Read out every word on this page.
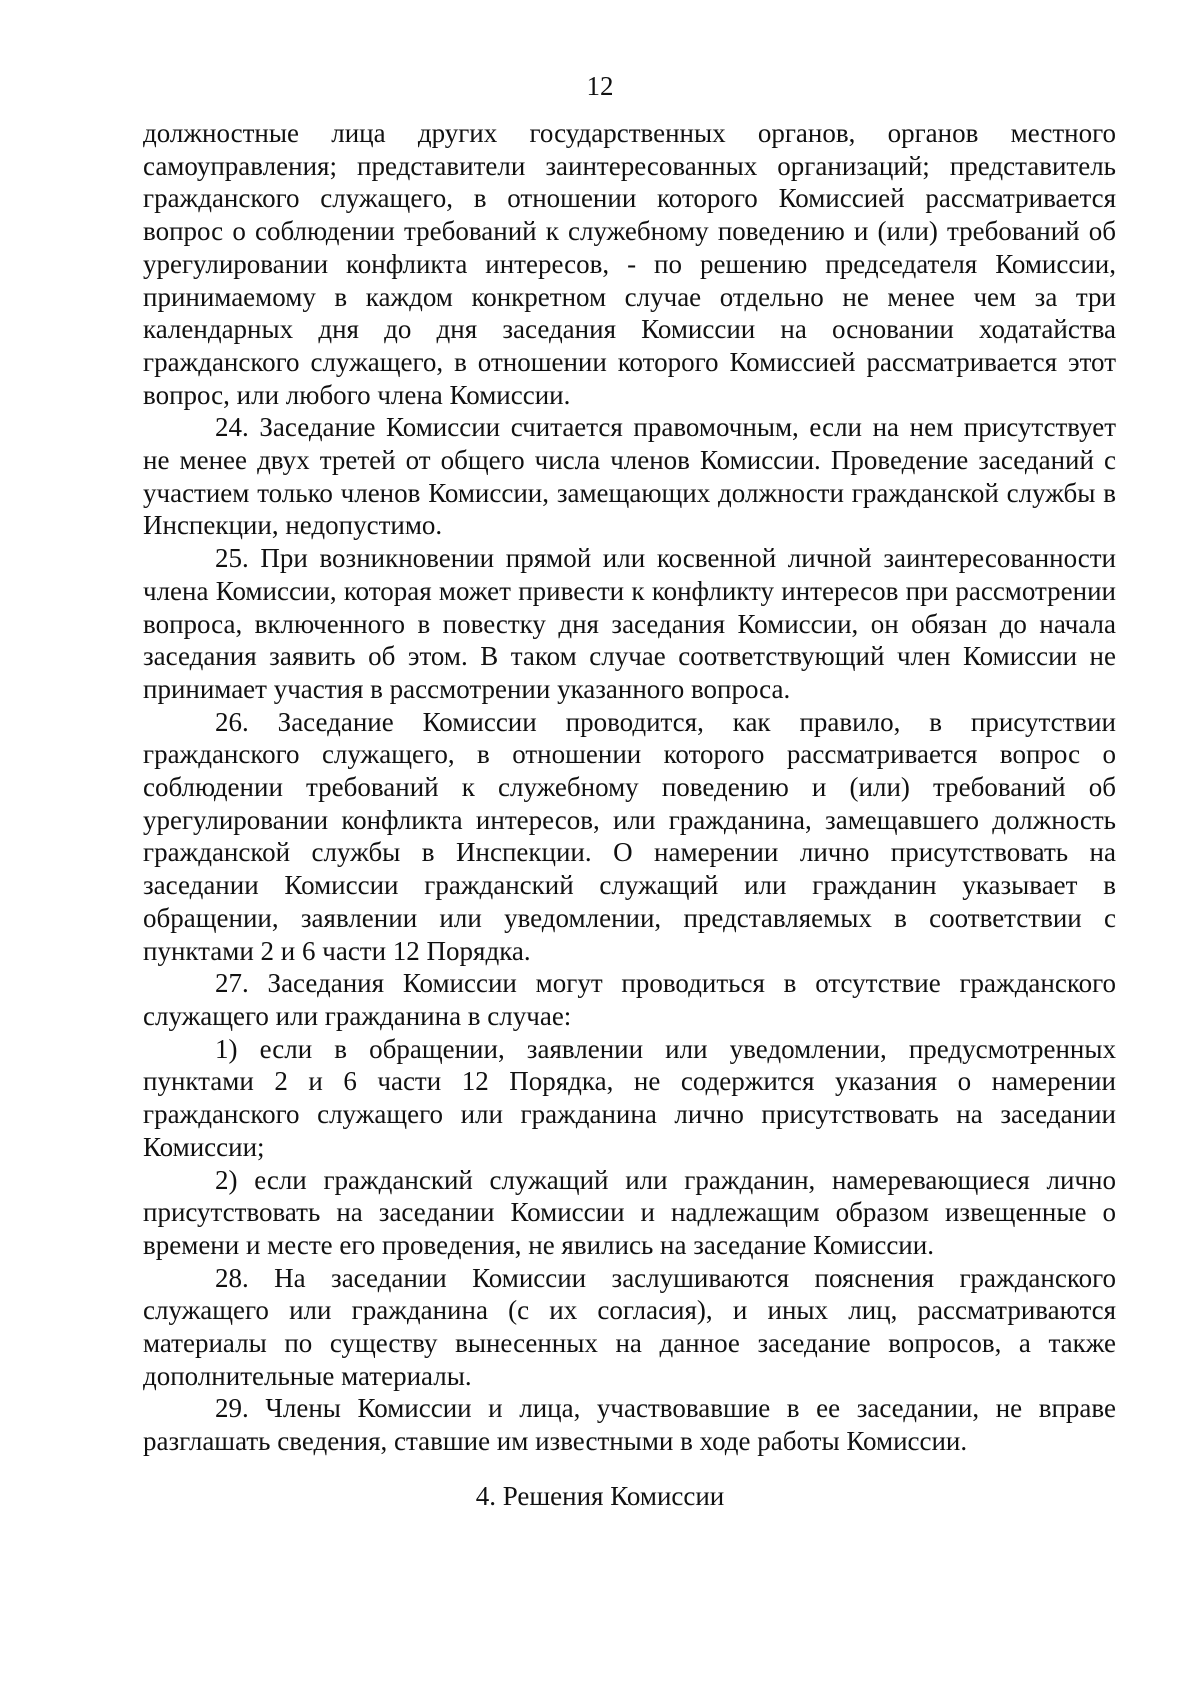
12

должностные лица других государственных органов, органов местного самоуправления; представители заинтересованных организаций; представитель гражданского служащего, в отношении которого Комиссией рассматривается вопрос о соблюдении требований к служебному поведению и (или) требований об урегулировании конфликта интересов, - по решению председателя Комиссии, принимаемому в каждом конкретном случае отдельно не менее чем за три календарных дня до дня заседания Комиссии на основании ходатайства гражданского служащего, в отношении которого Комиссией рассматривается этот вопрос, или любого члена Комиссии.

24. Заседание Комиссии считается правомочным, если на нем присутствует не менее двух третей от общего числа членов Комиссии. Проведение заседаний с участием только членов Комиссии, замещающих должности гражданской службы в Инспекции, недопустимо.

25. При возникновении прямой или косвенной личной заинтересованности члена Комиссии, которая может привести к конфликту интересов при рассмотрении вопроса, включенного в повестку дня заседания Комиссии, он обязан до начала заседания заявить об этом. В таком случае соответствующий член Комиссии не принимает участия в рассмотрении указанного вопроса.

26. Заседание Комиссии проводится, как правило, в присутствии гражданского служащего, в отношении которого рассматривается вопрос о соблюдении требований к служебному поведению и (или) требований об урегулировании конфликта интересов, или гражданина, замещавшего должность гражданской службы в Инспекции. О намерении лично присутствовать на заседании Комиссии гражданский служащий или гражданин указывает в обращении, заявлении или уведомлении, представляемых в соответствии с пунктами 2 и 6 части 12 Порядка.

27. Заседания Комиссии могут проводиться в отсутствие гражданского служащего или гражданина в случае:

1) если в обращении, заявлении или уведомлении, предусмотренных пунктами 2 и 6 части 12 Порядка, не содержится указания о намерении гражданского служащего или гражданина лично присутствовать на заседании Комиссии;

2) если гражданский служащий или гражданин, намеревающиеся лично присутствовать на заседании Комиссии и надлежащим образом извещенные о времени и месте его проведения, не явились на заседание Комиссии.

28. На заседании Комиссии заслушиваются пояснения гражданского служащего или гражданина (с их согласия), и иных лиц, рассматриваются материалы по существу вынесенных на данное заседание вопросов, а также дополнительные материалы.

29. Члены Комиссии и лица, участвовавшие в ее заседании, не вправе разглашать сведения, ставшие им известными в ходе работы Комиссии.

4. Решения Комиссии
